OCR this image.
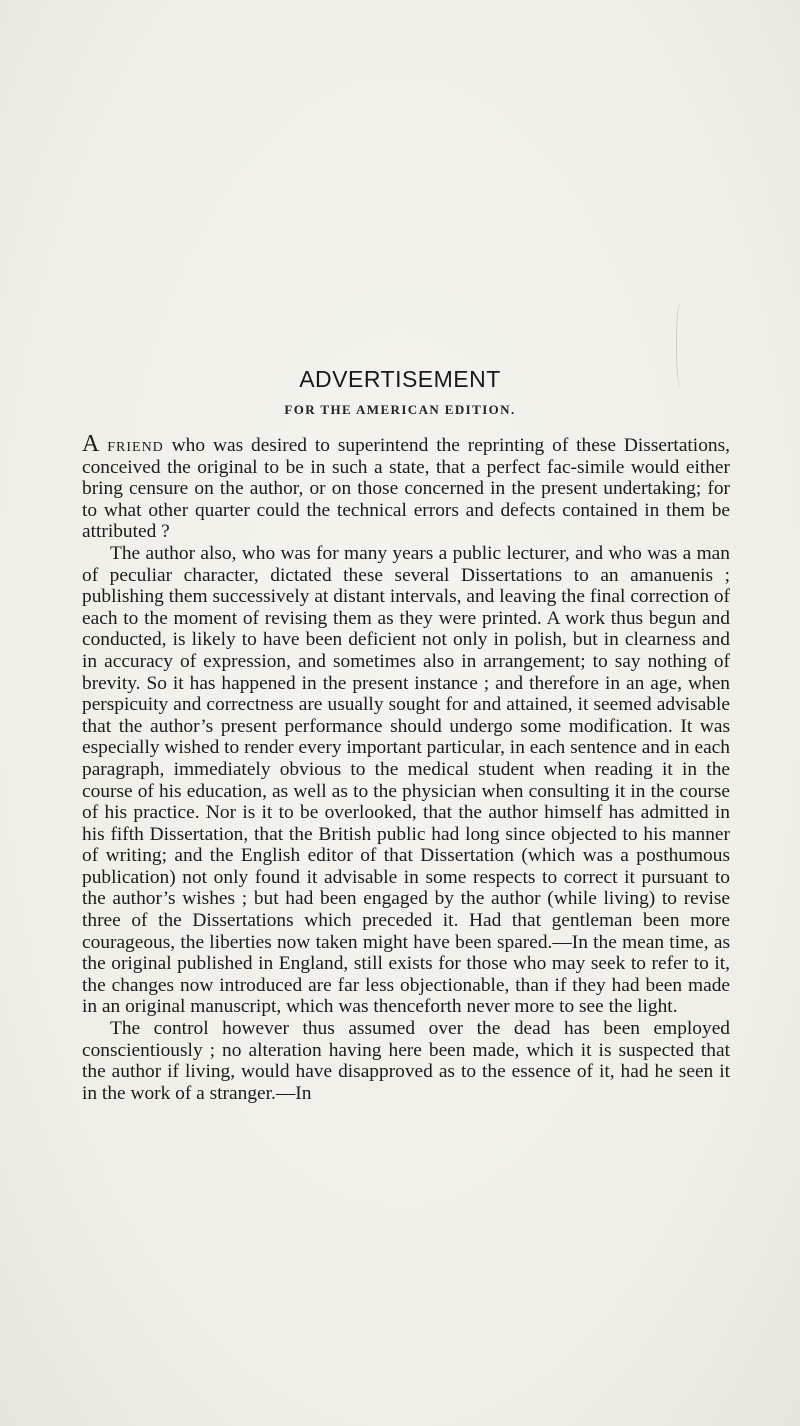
ADVERTISEMENT
FOR THE AMERICAN EDITION.

A friend who was desired to superintend the reprinting of these Dissertations, conceived the original to be in such a state, that a perfect fac-simile would either bring censure on the author, or on those concerned in the present undertaking; for to what other quarter could the technical errors and defects contained in them be attributed ?

The author also, who was for many years a public lecturer, and who was a man of peculiar character, dictated these several Dissertations to an amanuenis ; publishing them successively at distant intervals, and leaving the final correction of each to the moment of revising them as they were printed. A work thus begun and conducted, is likely to have been deficient not only in polish, but in clearness and in accuracy of expression, and sometimes also in arrangement; to say nothing of brevity. So it has happened in the present instance ; and therefore in an age, when perspicuity and correctness are usually sought for and attained, it seemed advisable that the author’s present performance should undergo some modification. It was especially wished to render every important particular, in each sentence and in each paragraph, immediately obvious to the medical student when reading it in the course of his education, as well as to the physician when consulting it in the course of his practice. Nor is it to be overlooked, that the author himself has admitted in his fifth Dissertation, that the British public had long since objected to his manner of writing; and the English editor of that Dissertation (which was a posthumous publication) not only found it advisable in some respects to correct it pursuant to the author’s wishes ; but had been engaged by the author (while living) to revise three of the Dissertations which preceded it. Had that gentleman been more courageous, the liberties now taken might have been spared.—In the mean time, as the original published in England, still exists for those who may seek to refer to it, the changes now introduced are far less objectionable, than if they had been made in an original manuscript, which was thenceforth never more to see the light.

The control however thus assumed over the dead has been employed conscientiously ; no alteration having here been made, which it is suspected that the author if living, would have disapproved as to the essence of it, had he seen it in the work of a stranger.—In
